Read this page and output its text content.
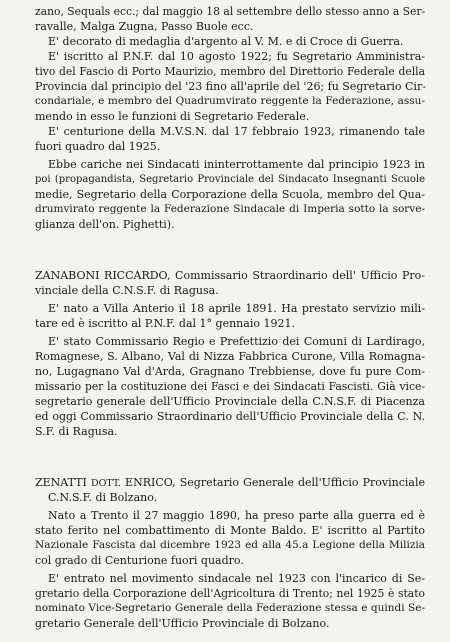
zano, Sequals ecc.; dal maggio 18 al settembre dello stesso anno a Ser-
ravalle, Malga Zugna, Passo Buole ecc.
E' decorato di medaglia d'argento al V. M. e di Croce di Guerra.
E' iscritto al P.N.F. dal 10 agosto 1922; fu Segretario Amministra-
tivo del Fascio di Porto Maurizio, membro del Direttorio Federale della
Provincia dal principio del '23 fino all'aprile del '26; fu Segretario Cir-
condariale, e membro del Quadrumvirato reggente la Federazione, assu-
mendo in esso le funzioni di Segretario Federale.
E' centurione della M.V.S.N. dal 17 febbraio 1923, rimanendo tale
fuori quadro dal 1925.
Ebbe cariche nei Sindacati ininterrottamente dal principio 1923 in
poi (propagandista, Segretario Provinciale del Sindacato Insegnanti Scuole
medie, Segretario della Corporazione della Scuola, membro del Qua-
drumvirato reggente la Federazione Sindacale di Imperia sotto la sorve-
glianza dell'on. Pighetti).
ZANABONI RICCARDO, Commissario Straordinario dell' Ufficio Pro-
vinciale della C.N.S.F. di Ragusa.
E' nato a Villa Anterio il 18 aprile 1891. Ha prestato servizio mili-
tare ed è iscritto al P.N.F. dal 1° gennaio 1921.
E' stato Commissario Regio e Prefettizio dei Comuni di Lardirago,
Romagnese, S. Albano, Val di Nizza Fabbrica Curone, Villa Romagna-
no, Lugagnano Val d'Arda, Gragnano Trebbiense, dove fu pure Com-
missario per la costituzione dei Fasci e dei Sindacati Fascisti. Già vice-
segretario generale dell'Ufficio Provinciale della C.N.S.F. di Piacenza
ed oggi Commissario Straordinario dell'Ufficio Provinciale della C. N.
S.F. di Ragusa.
ZENATTI DOTT. ENRICO, Segretario Generale dell'Ufficio Provinciale
C.N.S.F. di Bolzano.
Nato a Trento il 27 maggio 1890, ha preso parte alla guerra ed è
stato ferito nel combattimento di Monte Baldo. E' iscritto al Partito
Nazionale Fascista dal dicembre 1923 ed alla 45.a Legione della Milizia
col grado di Centurione fuori quadro.
E' entrato nel movimento sindacale nel 1923 con l'incarico di Se-
gretario della Corporazione dell'Agricoltura di Trento; nel 1925 è stato
nominato Vice-Segretario Generale della Federazione stessa e quindi Se-
gretario Generale dell'Ufficio Provinciale di Bolzano.
